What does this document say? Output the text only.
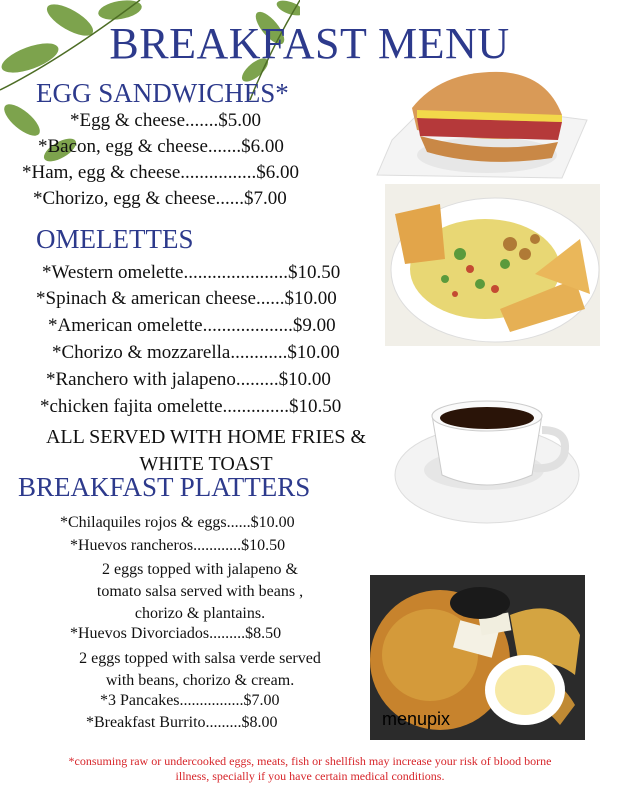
BREAKFAST MENU
EGG SANDWICHES*
*Egg & cheese.......$5.00
*Bacon, egg & cheese.......$6.00
*Ham, egg & cheese................$6.00
*Chorizo, egg & cheese......$7.00
OMELETTES
*Western omelette......................$10.50
*Spinach & american cheese......$10.00
*American omelette...................$9.00
*Chorizo & mozzarella............$10.00
*Ranchero with jalapeno.........$10.00
*chicken fajita omelette..............$10.50
ALL SERVED WITH HOME FRIES &
WHITE TOAST
BREAKFAST PLATTERS
*Chilaquiles rojos & eggs......$10.00
*Huevos rancheros............$10.50
2 eggs topped with jalapeno &
tomato salsa served with beans ,
chorizo & plantains.
*Huevos Divorciados.........$8.50
2 eggs topped with salsa verde served
with beans, chorizo & cream.
*3 Pancakes................$7.00
*Breakfast Burrito.........$8.00	menupix
*consuming raw or undercooked eggs, meats, fish or shellfish may increase your risk of blood borne
illness, specially if you have certain medical conditions.
